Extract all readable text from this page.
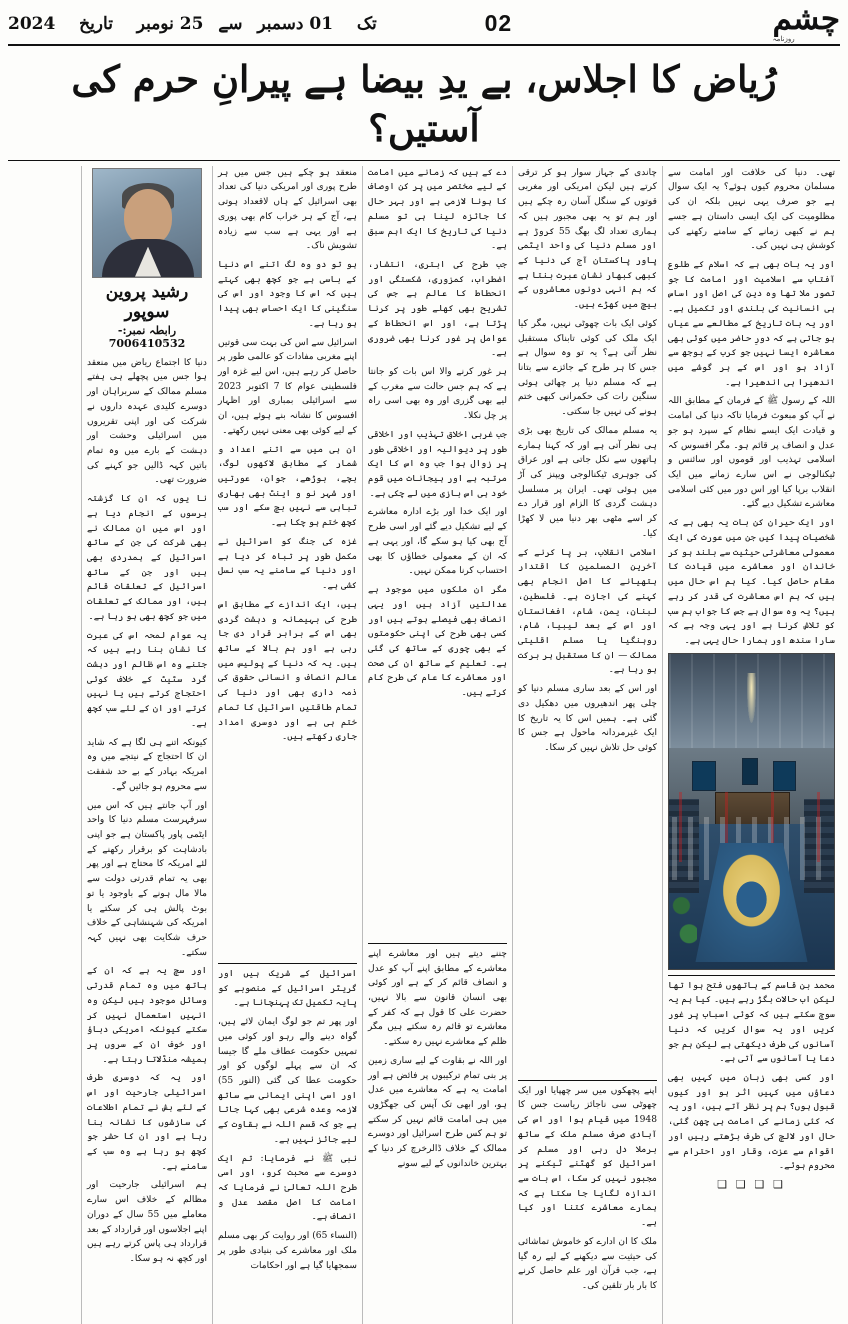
چشم
روزنامہ
02
تک   01 دسمبر  سے  25 نومبر   تاریخ   2024
رُیاض کا اجلاس، بے یدِ بیضا ہے پیرانِ حرم کی آستیں؟

تھی۔ دنیا کی خلافت اور امامت سے مسلمان محروم کیوں ہوئے؟ یہ ایک سوال ہے جو صرف یہی نہیں بلکہ ان کی مظلومیت کی ایک ایسی داستان ہے جسے ہم نے کبھی زمانے کے سامنے رکھنے کی کوشش ہی نہیں کی۔

اور یہ بات بھی ہے کہ اسلام کے طلوع آفتاب سے اسلامیت اور امامت کا جو تصور ملا تھا وہ دین کی اصل اور اساس ہی انسانیت کی بلندی اور تکمیل ہے۔ اور یہ بات تاریخ کے مطالعے سے عیاں ہو جاتی ہے کہ دورِ حاضر میں کوئی بھی معاشرہ ایسا نہیں جو کرب کے بوجھ سے آزاد ہو اور اس کے ہر گوشے میں اندھیرا ہی اندھیرا ہے۔

اللہ کے رسول ﷺ کے فرمان کے مطابق اللہ نے آپ کو مبعوث فرمایا تاکہ دنیا کی امامت و قیادت ایک ایسے نظام کے سپرد ہو جو عدل و انصاف پر قائم ہو۔ مگر افسوس کہ اسلامی تہذیب اور قوموں اور سائنس و ٹیکنالوجی نے اس سارے زمانے میں ایک انقلاب برپا کیا اور اس دور میں کئی اسلامی معاشرے تشکیل دیے گئے۔

اور ایک حیران کن بات یہ بھی ہے کہ شخصیات پیدا کیں جن میں عورت کی ایک معمولی معاشرتی حیثیت سے بلند ہو کر خاندان اور معاشرے میں قیادت کا مقام حاصل کیا۔ کیا ہم اس حال میں ہیں کہ ہم اس معاشرت کی قدر کر رہے ہیں؟ یہ وہ سوال ہے جس کا جواب ہم سب کو تلاش کرنا ہے اور یہی وجہ ہے کہ سارا سندھ اور ہمارا حال یہی ہے۔

محمد بن قاسم کے ہاتھوں فتح ہوا تھا لیکن اب حالات بگڑ رہے ہیں۔ کیا ہم یہ سوچ سکتے ہیں کہ کوئی اسباب پر غور کریں اور یہ سوال کریں کہ دنیا آسانوں کی طرف دیکھتی ہے لیکن ہم جو دعا یا آسانوں سے آتی ہے۔

اور کسی بھی زبان میں کہیں بھی دعاؤں میں کہیں اثر ہو اور کیوں قبول ہوں؟ ہم پر نظر آتے ہیں، اور یہ کہ کئی زمانے کی امامت ہی چھن گئی، حال اور لالچ کی طرف بڑھتے رہیں اور اقوام سے عزت، وقار اور احترام سے محروم ہوئے۔

❑ ❑ ❑ ❑

چاندی کے جہاز سوار ہو کر ترقی کرتے ہیں لیکن امریکی اور مغربی قوتوں کے سنگل آسان رہ چکے ہیں اور ہم تو یہ بھی مجبور ہیں کہ ہماری تعداد لگ بھگ 55 کروڑ ہے اور مسلم دنیا کی واحد ایٹمی پاور پاکستان آج کی دنیا کے کبھی کبھار نشان عبرت بنتا ہے کہ ہم انہی دونوں معاشروں کے بیچ میں کھڑے ہیں۔

کوئی ایک بات چھوٹی نہیں، مگر کیا ایک ملک کی کوئی تابناک مستقبل نظر آتی ہے؟ یہ تو وہ سوال ہے جس کا ہر طرح کے جائزے سے بتانا ہے کہ مسلم دنیا پر چھائی ہوئی سنگین رات کی حکمرانی کبھی ختم ہونے کی نہیں جا سکتی۔

یہ مسلم ممالک کی تاریخ بھی بڑی ہی نظر آتی ہے اور کہ کہنا ہمارے ہاتھوں سے نکل جاتی ہے اور عراق کی جوہری ٹیکنالوجی ویپنز کی آڑ میں ہوئی تھی۔ ایران پر مسلسل دہشت گردی کا الزام اور قرار دے کر اسے مٹھی بھر دنیا میں لا کھڑا کیا۔

اسلامی انقلاب، بر پا کرنے کے آخرین المسلمین کا اقتدار ہتھیانے کا اصل انجام بھی کہنے کی اجازت ہے۔ فلسطین، لبنان، یمن، شام، افغانستان اور اس کے بعد لیبیا، شام، روہنگیا یا مسلم اقلیتی ممالک — ان کا مستقبل ہر برکت ہو رہا ہے۔

اور اس کے بعد ساری مسلم دنیا کو چلی پھر اندھیروں میں دھکیل دی گئی ہے۔ ہمیں اس کا یہ تاریخ کا ایک غیرمردانہ ماحول ہے جس کا کوئی حل تلاش نہیں کر سکا۔

اپنے پچھکوں میں سر چھپایا اور ایک چھوٹی سی ناجائز ریاست جس کا 1948 میں قیام ہوا اور اس کی آبادی صرف مسلم ملک کے ساتھ برملا دل رہی اور مسلم کر اسرائیل کو گھٹنے ٹیکنے پر مجبور نہیں کر سکا، اس بات سے اندازہ لگایا جا سکتا ہے کہ ہمارے معاشرے کتنا اور کیا ہے۔

ملک کا ان ادارے کو خاموش تماشائی کی حیثیت سے دیکھنے کے لیے رہ گیا ہے، جب قرآن اور علم حاصل کرنے کا بار بار تلقین کی۔

دے کے ہیں کہ زمانے میں امامت کے لیے مختصر میں پر کن اوصاف کا ہونا لازمی ہے اور بہر حال کا جائزہ لینا ہی تو مسلم دنیا کی تاریخ کا ایک اہم سبق ہے۔

جب طرح کی ابتری، انتشار، اضطراب، کمزوری، شکستگی اور انحطاط کا عالم ہے جس کی تشریح بھی کھلے طور پر کرنا پڑتا ہے، اور اس انحطاط کے عوامل پر غور کرنا بھی ضروری ہے۔

ہر غور کرنے والا اس بات کو جانتا ہے کہ ہم جس حالت سے مغرب کے لیے بھی گزری اور وہ بھی اسی راہ پر چل نکلا۔

جب غربی اخلاق تہذیب اور اخلاقی طور پر دیوالیہ اور اخلاقی طور پر زوال ہوا جب وہ اس کا ایک مرتبہ ہے اور ہیجانات میں قوم خود ہی اس بازی میں لے چکی ہے۔

اور ایک خدا اور بڑے ادارہ معاشرے کے لیے تشکیل دیے گئے اور اسی طرح آج بھی کیا ہو سکے گا، اور یہی ہے کہ ان کے معمولی خطاؤں کا بھی احتساب کرنا ممکن نہیں۔

مگر ان ملکوں میں موجود ہے عدالتیں آزاد ہیں اور یہی انصاف بھی فیصلے ہوتے ہیں اور کسی بھی طرح کی اپنی حکومتوں کے بھی چوری کے ساتھ کی گئی ہے۔ تعلیم کے ساتھ ان کی صحت اور معاشرے کا عام کی طرح کام کرتے ہیں۔

چننے دیتے ہیں اور معاشرے اپنے معاشرے کے مطابق اپنے آپ کو عدل و انصاف قائم کر کے ہے اور کوئی بھی انسان قانون سے بالا نہیں، حضرت علی کا قول ہے کہ کفر کے معاشرے تو قائم رہ سکتے ہیں مگر ظلم کے معاشرے نہیں رہ سکتے۔

اور اللہ نے بقاوت کے لیے ساری زمین پر بنی تمام ترکیبوں پر فائض ہے اور امامت یہ ہے کہ معاشرے میں عدل ہو، اور ابھی تک آپس کی جھگڑوں میں ہی امامت قائم نہیں کر سکتے تو ہم کس طرح اسرائیل اور دوسرے ممالک کے خلاف ڈالرخرچ کر دنیا کے بہترین خاندانوں کے لیے سونے

منعقد ہو چکے ہیں جس میں ہر طرح پوری اور امریکی دنیا کی تعداد بھی اسرائیل کے ہاں لاقعداد ہوتی ہے، آج کے ہر خراب کام بھی پوری ہے اور یہی ہے سب سے زیادہ تشویش ناک۔

ہو تو دو وہ لگ اتنے اس دنیا کے باسی ہے جو کچھ بھی کہتے ہیں کہ اس کا وجود اور اس کی سنگینی کا ایک احساس بھی پیدا ہو رہا ہے۔

اسرائیل سے اس کی بہت سی قوتیں اپنے مغربی مفادات کو عالمی طور پر حاصل کر رہے ہیں، اس لیے غزہ اور فلسطینی عوام کا 7 اکتوبر 2023 سے اسرائیلی بمباری اور اظہار افسوس کا نشانہ بنے ہوئے ہیں، ان کے لیے کوئی بھی معنی نہیں رکھتے۔

ان ہی میں سے اتنے اعداد و شمار کے مطابق لاکھوں لوگ، بچے، بوڑھے، جوان، عورتیں اور شہر نو و اینٹ بھی بھاری تباہی سے نہیں بچ سکے اور سب کچھ ختم ہو چکا ہے۔

غزہ کی جنگ کو اسرائیل نے مکمل طور پر تباہ کر دیا ہے اور دنیا کے سامنے یہ سب نسل کشی ہے۔

ہیں، ایک اندازے کے مطابق اس طرح کی بہیمانہ و دہشت گردی بھی اس کے برابر قرار دی جا رہی ہے اور ہم بالا کے ساتھ ہیں۔ یہ کہ دنیا کے پولیس میں عالم انصاف و انسانی حقوق کی ذمہ داری بھی اور دنیا کی تمام طاقتیں اسرائیل کا تمام ختم ہی ہے اور دوسری امداد جاری رکھتے ہیں۔

اسرائیل کے شریک ہیں اور گریٹر اسرائیل کے منصوبے کو پایہ تکمیل تک پہنچانا ہے۔

اور پھر تم جو لوگ ایمان لائے ہیں، گواہ دینے والے رہو اور کوئی میں تمہیں حکومت عطاف ملے گا جیسا کہ ان سے پہلے لوگوں کو اور حکومت عطا کی گئی (النور 55) اور اسی اپنی ایمانی سے ساتھ لازمہ وعدہ شرعی بھی کہا جاتا ہے جو کہ قسم اللہ نے بقاوت کے لیے جائز نہیں ہے۔

نبی ﷺ نے فرمایا: تم ایک دوسرے سے محبت کرو، اور اسی طرح اللہ تعالیٰ نے فرمایا کہ امامت کا اصل مقصد عدل و انصاف ہے۔

(النساء 65) اور روایت کر بھی مسلم ملک اور معاشرے کی بنیادی طور پر سمجھایا گیا ہے اور احکامات

رشید پروین سوپور
رابطہ نمبر:- 7006410532

دنیا کا اجتماع ریاض میں منعقد ہوا جس میں پچھلے ہی ہفتے مسلم ممالک کے سربراہان اور دوسرے کلیدی عہدہ داروں نے شرکت کی اور اپنی تقریروں میں اسرائیلی وحشت اور دہشت کے بارے میں وہ تمام باتیں کہہ ڈالیں جو کہنے کی ضرورت تھی۔

نا یوں کہ ان کا گزشتہ برسوں کے انجام دیا ہے اور اس میں ان ممالک نے بھی شرکت کی جن کے ساتھ اسرائیل کے ہمدردی بھی ہیں اور جن کے ساتھ اسرائیل کے تعلقات قائم ہیں، اور ممالک کے تعلقات میں جو کچھ بھی ہو رہا ہے۔

یہ عوام لمحہ اس کی عبرت کا نشان بنا رہے ہیں کہ جتنے وہ اس ظالم اور دہشت گرد سٹیٹ کے خلاف کوئی احتجاج کرتے ہیں یا نہیں کرتے اور ان کے لئے سب کچھ ہے۔

کیونکہ اتنے ہی لگا ہے کہ شاید ان کا احتجاج کے نیتجے میں وہ امریکہ بہادر کے بے حد شفقت سے محروم ہو جائیں گے۔

اور آپ جانتے ہیں کہ اس میں سرفہرست مسلم دنیا کا واحد ایٹمی پاور پاکستان ہے جو اپنی بادشاہت کو برقرار رکھنے کے لئے امریکہ کا محتاج ہے اور پھر بھی یہ تمام قدرتی دولت سے مالا مال ہونے کے باوجود یا تو بوٹ پالش ہی کر سکتے یا امریکہ کی شہنشاہی کے خلاف حرف شکایت بھی نہیں کہہ سکتے۔

اور سچ یہ ہے کہ ان کے ہاتھ میں وہ تمام قدرتی وسائل موجود ہیں لیکن وہ انہیں استعمال نہیں کر سکتے کیونکہ امریکی دباؤ اور خوف ان کے سروں پر ہمیشہ منڈلاتا رہتا ہے۔

اور یہ کہ دوسری طرف اسرائیلی جارحیت اور اس کے لئے بش نے تمام اطلاعات کی سازشوں کا نشانہ بنا رہا ہے اور ان کا حشر جو کچھ ہو رہا ہے وہ سب کے سامنے ہے۔

ہم اسرائیلی جارحیت اور مظالم کے خلاف اس سارے معاملے میں 55 سال کے دوران اپنے اجلاسوں اور قرارداد کے بعد قرارداد ہی پاس کرتے رہے ہیں اور کچھ نہ ہو سکا۔
